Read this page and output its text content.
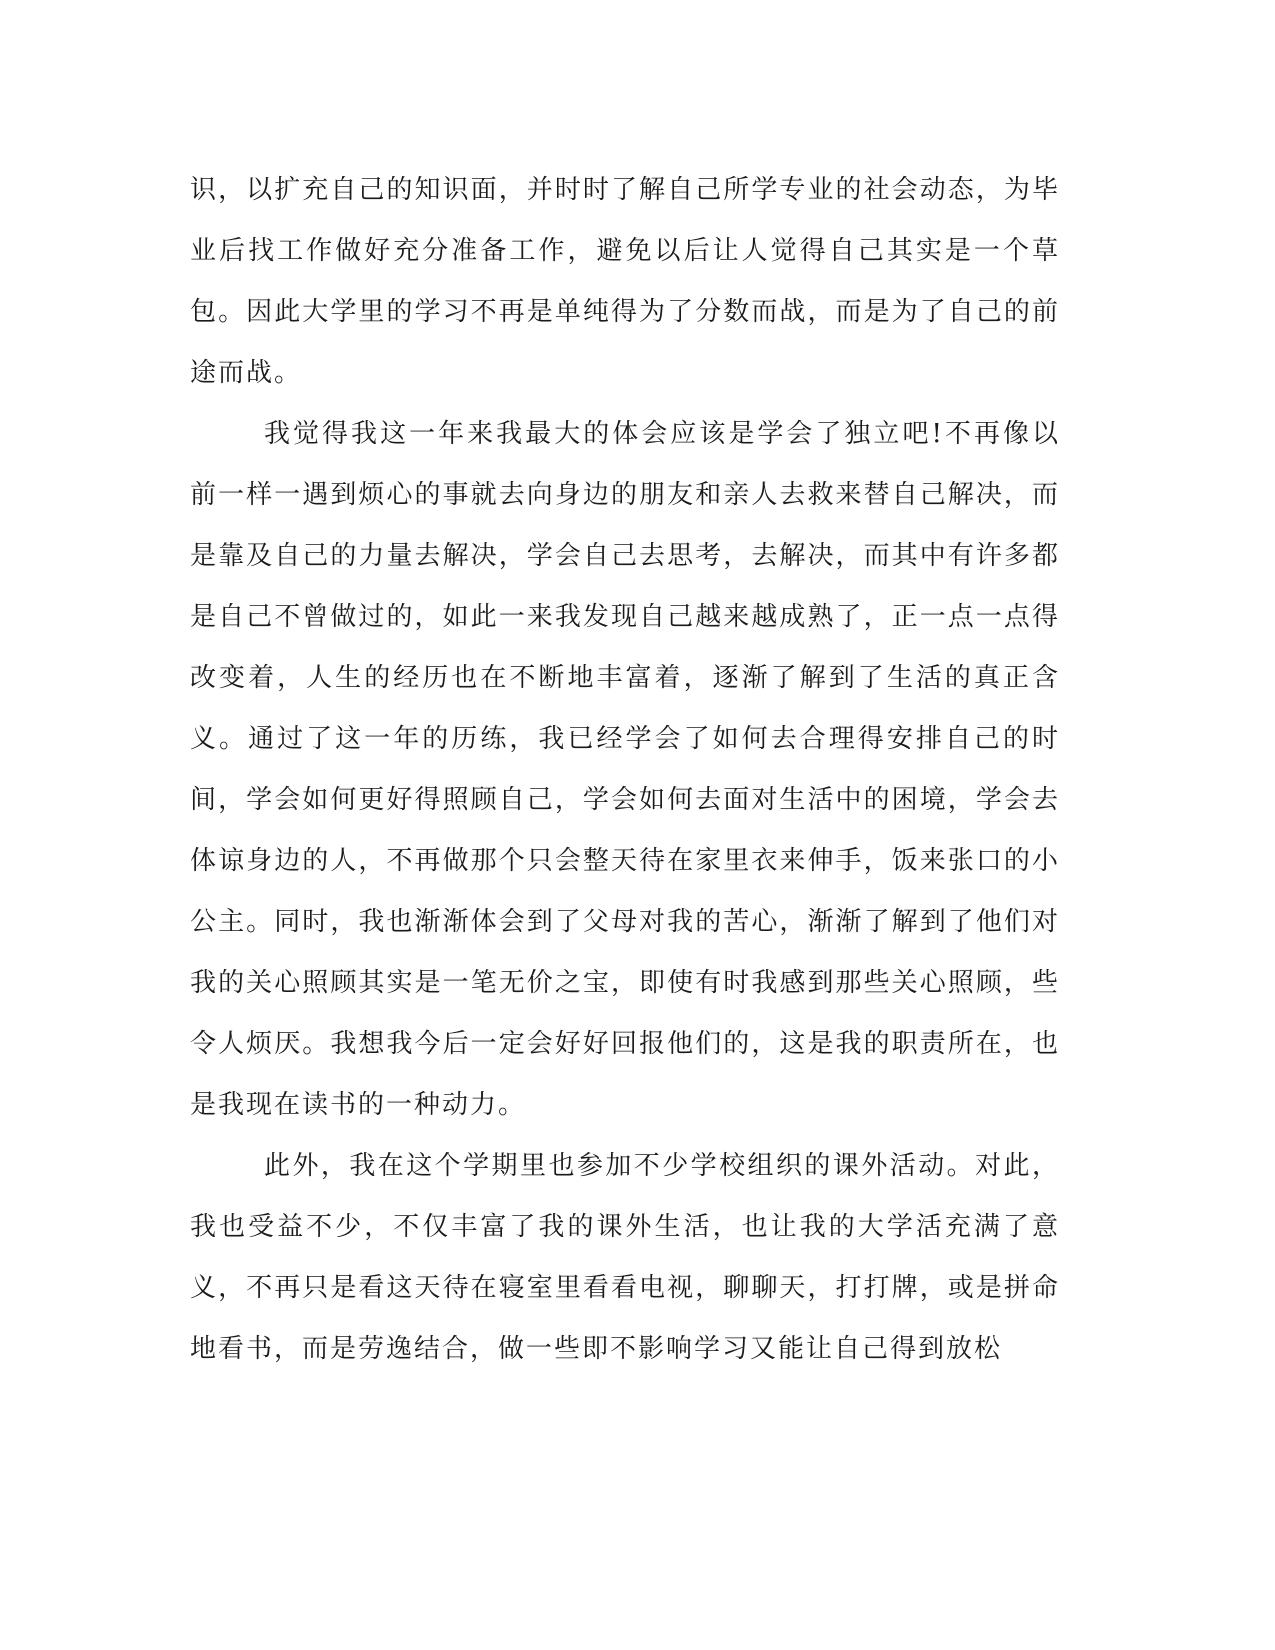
识，以扩充自己的知识面，并时时了解自己所学专业的社会动态，为毕业后找工作做好充分准备工作，避免以后让人觉得自己其实是一个草包。因此大学里的学习不再是单纯得为了分数而战，而是为了自己的前途而战。

我觉得我这一年来我最大的体会应该是学会了独立吧!不再像以前一样一遇到烦心的事就去向身边的朋友和亲人去救来替自己解决，而是靠及自己的力量去解决，学会自己去思考，去解决，而其中有许多都是自己不曾做过的，如此一来我发现自己越来越成熟了，正一点一点得改变着，人生的经历也在不断地丰富着，逐渐了解到了生活的真正含义。通过了这一年的历练，我已经学会了如何去合理得安排自己的时间，学会如何更好得照顾自己，学会如何去面对生活中的困境，学会去体谅身边的人，不再做那个只会整天待在家里衣来伸手，饭来张口的小公主。同时，我也渐渐体会到了父母对我的苦心，渐渐了解到了他们对我的关心照顾其实是一笔无价之宝，即使有时我感到那些关心照顾，些令人烦厌。我想我今后一定会好好回报他们的，这是我的职责所在，也是我现在读书的一种动力。

此外，我在这个学期里也参加不少学校组织的课外活动。对此，我也受益不少，不仅丰富了我的课外生活，也让我的大学活充满了意义，不再只是看这天待在寝室里看看电视，聊聊天，打打牌，或是拼命地看书，而是劳逸结合，做一些即不影响学习又能让自己得到放松
